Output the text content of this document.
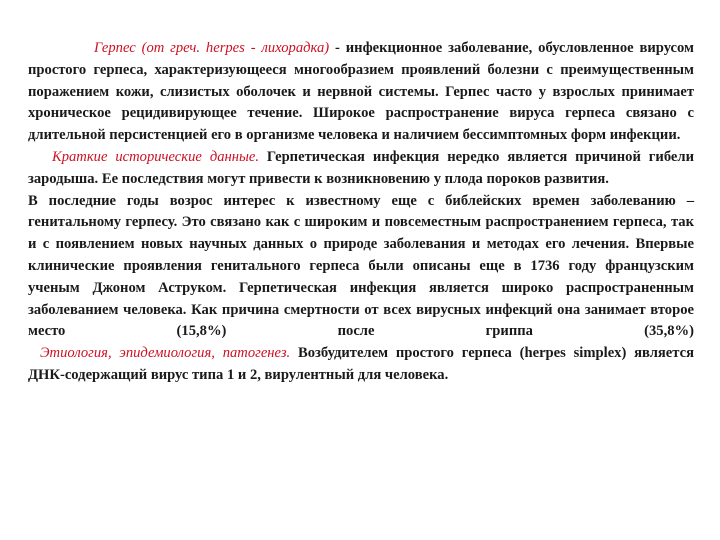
Герпес (от греч. herpes - лихорадка) - инфекционное заболевание, обусловленное вирусом простого герпеса, характеризующееся многообразием проявлений болезни с преимущественным поражением кожи, слизистых оболочек и нервной системы. Герпес часто у взрослых принимает хроническое рецидивирующее течение. Широкое распространение вируса герпеса связано с длительной персистенцией его в организме человека и наличием бессимптомных форм инфекции.

Краткие исторические данные. Герпетическая инфекция нередко является причиной гибели зародыша. Ее последствия могут привести к возникновению у плода пороков развития.

В последние годы возрос интерес к известному еще с библейских времен заболеванию – генитальному герпесу. Это связано как с широким и повсеместным распространением герпеса, так и с появлением новых научных данных о природе заболевания и методах его лечения. Впервые клинические проявления генитального герпеса были описаны еще в 1736 году французским ученым Джоном Аструком. Герпетическая инфекция является широко распространенным заболеванием человека. Как причина смертности от всех вирусных инфекций она занимает второе место (15,8%) после гриппа (35,8%)

Этиология, эпидемиология, патогенез. Возбудителем простого герпеса (herpes simplex) является ДНК-содержащий вирус типа 1 и 2, вирулентный для человека.
